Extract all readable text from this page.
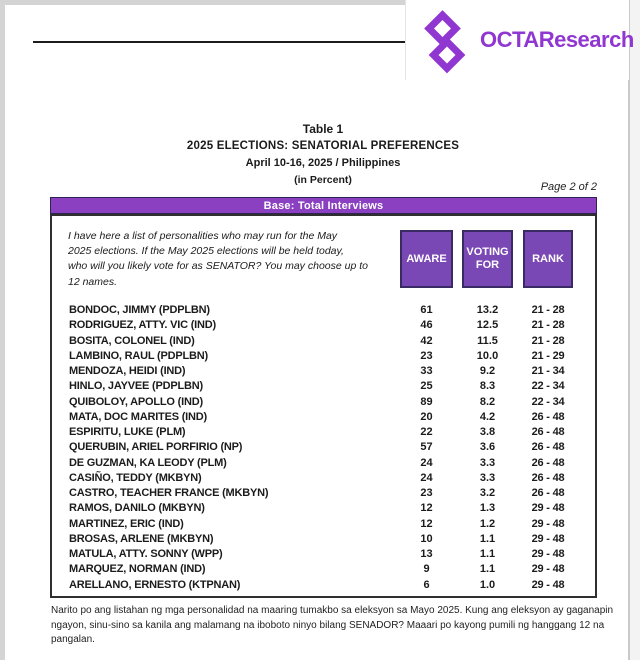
OCTAResearch
Table 1
2025 ELECTIONS: SENATORIAL PREFERENCES
April 10-16, 2025 / Philippines
(in Percent)
Page 2 of 2
Base: Total Interviews
I have here a list of personalities who may run for the May
2025 elections. If the May 2025 elections will be held today,
who will you likely vote for as SENATOR? You may choose up to
12 names.
AWARE
VOTING FOR
RANK
BONDOC, JIMMY (PDPLBN)	61	13.2	21 - 28
RODRIGUEZ, ATTY. VIC (IND)	46	12.5	21 - 28
BOSITA, COLONEL (IND)	42	11.5	21 - 28
LAMBINO, RAUL (PDPLBN)	23	10.0	21 - 29
MENDOZA, HEIDI (IND)	33	9.2	21 - 34
HINLO, JAYVEE (PDPLBN)	25	8.3	22 - 34
QUIBOLOY, APOLLO (IND)	89	8.2	22 - 34
MATA, DOC MARITES (IND)	20	4.2	26 - 48
ESPIRITU, LUKE (PLM)	22	3.8	26 - 48
QUERUBIN, ARIEL PORFIRIO (NP)	57	3.6	26 - 48
DE GUZMAN, KA LEODY (PLM)	24	3.3	26 - 48
CASIÑO, TEDDY (MKBYN)	24	3.3	26 - 48
CASTRO, TEACHER FRANCE (MKBYN)	23	3.2	26 - 48
RAMOS, DANILO (MKBYN)	12	1.3	29 - 48
MARTINEZ, ERIC (IND)	12	1.2	29 - 48
BROSAS, ARLENE (MKBYN)	10	1.1	29 - 48
MATULA, ATTY. SONNY (WPP)	13	1.1	29 - 48
MARQUEZ, NORMAN (IND)	9	1.1	29 - 48
ARELLANO, ERNESTO (KTPNAN)	6	1.0	29 - 48
Narito po ang listahan ng mga personalidad na maaring tumakbo sa eleksyon sa Mayo 2025. Kung ang eleksyon ay gaganapin
ngayon, sinu-sino sa kanila ang malamang na iboboto ninyo bilang SENADOR? Maaari po kayong pumili ng hanggang 12 na
pangalan.
